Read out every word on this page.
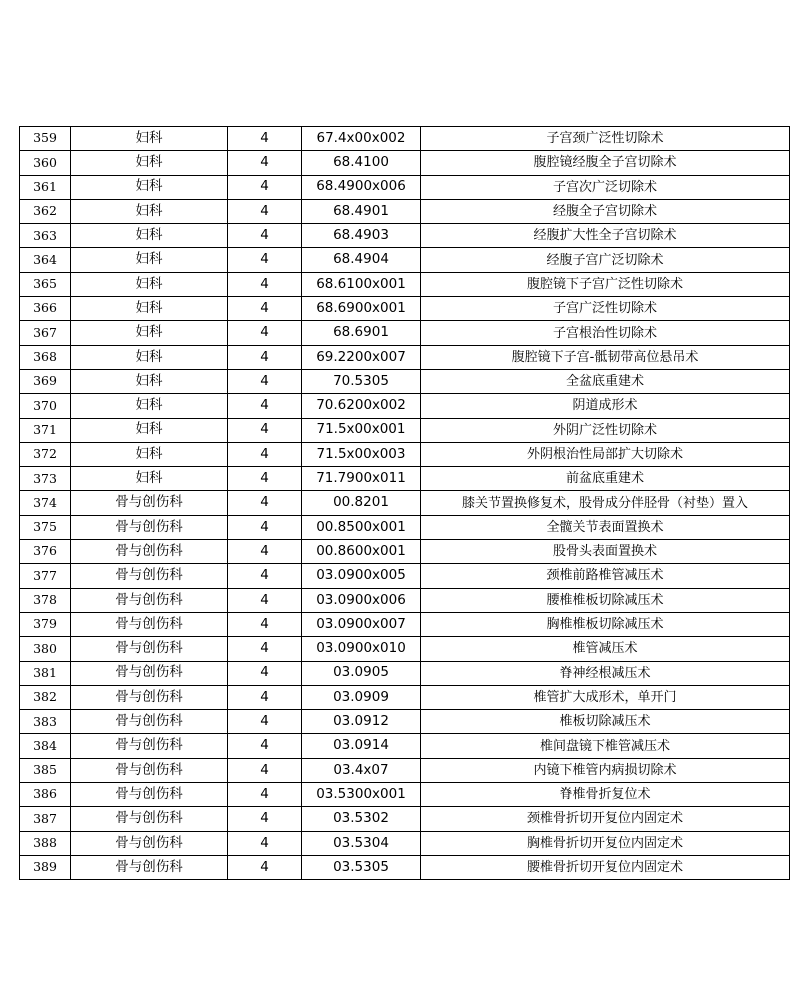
359	妇科	4	67.4x00x002	子宫颈广泛性切除术
360	妇科	4	68.4100	腹腔镜经腹全子宫切除术
361	妇科	4	68.4900x006	子宫次广泛切除术
362	妇科	4	68.4901	经腹全子宫切除术
363	妇科	4	68.4903	经腹扩大性全子宫切除术
364	妇科	4	68.4904	经腹子宫广泛切除术
365	妇科	4	68.6100x001	腹腔镜下子宫广泛性切除术
366	妇科	4	68.6900x001	子宫广泛性切除术
367	妇科	4	68.6901	子宫根治性切除术
368	妇科	4	69.2200x007	腹腔镜下子宫-骶韧带高位悬吊术
369	妇科	4	70.5305	全盆底重建术
370	妇科	4	70.6200x002	阴道成形术
371	妇科	4	71.5x00x001	外阴广泛性切除术
372	妇科	4	71.5x00x003	外阴根治性局部扩大切除术
373	妇科	4	71.7900x011	前盆底重建术
374	骨与创伤科	4	00.8201	膝关节置换修复术，股骨成分伴胫骨（衬垫）置入
375	骨与创伤科	4	00.8500x001	全髋关节表面置换术
376	骨与创伤科	4	00.8600x001	股骨头表面置换术
377	骨与创伤科	4	03.0900x005	颈椎前路椎管减压术
378	骨与创伤科	4	03.0900x006	腰椎椎板切除减压术
379	骨与创伤科	4	03.0900x007	胸椎椎板切除减压术
380	骨与创伤科	4	03.0900x010	椎管减压术
381	骨与创伤科	4	03.0905	脊神经根减压术
382	骨与创伤科	4	03.0909	椎管扩大成形术，单开门
383	骨与创伤科	4	03.0912	椎板切除减压术
384	骨与创伤科	4	03.0914	椎间盘镜下椎管减压术
385	骨与创伤科	4	03.4x07	内镜下椎管内病损切除术
386	骨与创伤科	4	03.5300x001	脊椎骨折复位术
387	骨与创伤科	4	03.5302	颈椎骨折切开复位内固定术
388	骨与创伤科	4	03.5304	胸椎骨折切开复位内固定术
389	骨与创伤科	4	03.5305	腰椎骨折切开复位内固定术
